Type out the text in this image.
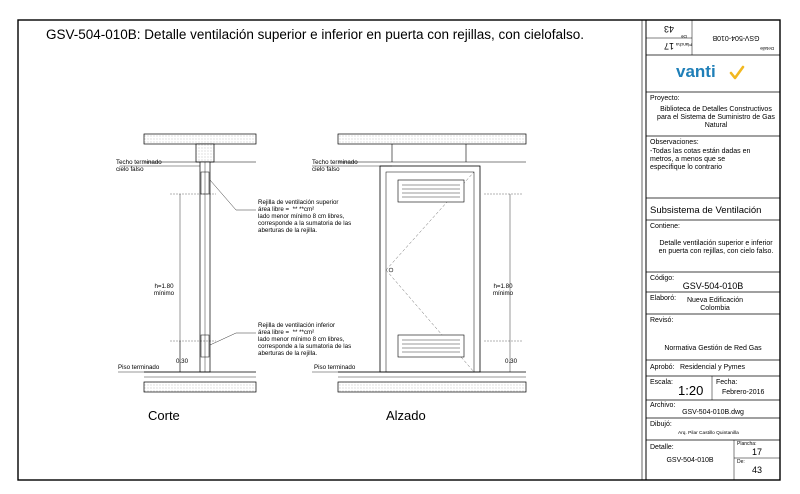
GSV-504-010B: Detalle ventilación superior e inferior en puerta con rejillas, con cielofalso.
Techo terminado
cielo falso
Rejilla de ventilación superior
área libre =  ** **cm²
lado menor mínimo 8 cm libres,
corresponde a la sumatoria de las
aberturas de la rejilla.
Rejilla de ventilación inferior
área libre =  ** **cm²
lado menor mínimo 8 cm libres,
corresponde a la sumatoria de las
aberturas de la rejilla.
h=1.80
mínimo
0.30
Piso terminado
Corte
Techo terminado
cielo falso
h=1.80
mínimo
0.30
Piso terminado
Alzado
43
17
GSV-504-010B
De
Plancha
Detalle
vanti
Proyecto:
Biblioteca de Detalles Constructivos para el Sistema de Suministro de Gas Natural
Observaciones:
-Todas las cotas están dadas en metros, a menos que se especifique lo contrario
Subsistema de Ventilación
Contiene:
Detalle ventilación superior e inferior en puerta con rejillas, con cielo falso.
Código:
GSV-504-010B
Elaboró:	Nueva Edificación Colombia
Revisó:
Normativa Gestión de Red Gas
Aprobó: Residencial y Pymes
Escala:
1:20
Fecha:
Febrero-2016
Archivo:
GSV-504-010B.dwg
Dibujó:
Arq. Pilar Castillo Quintanilla
Detalle:
GSV-504-010B
Plancha:
17
De:
43
